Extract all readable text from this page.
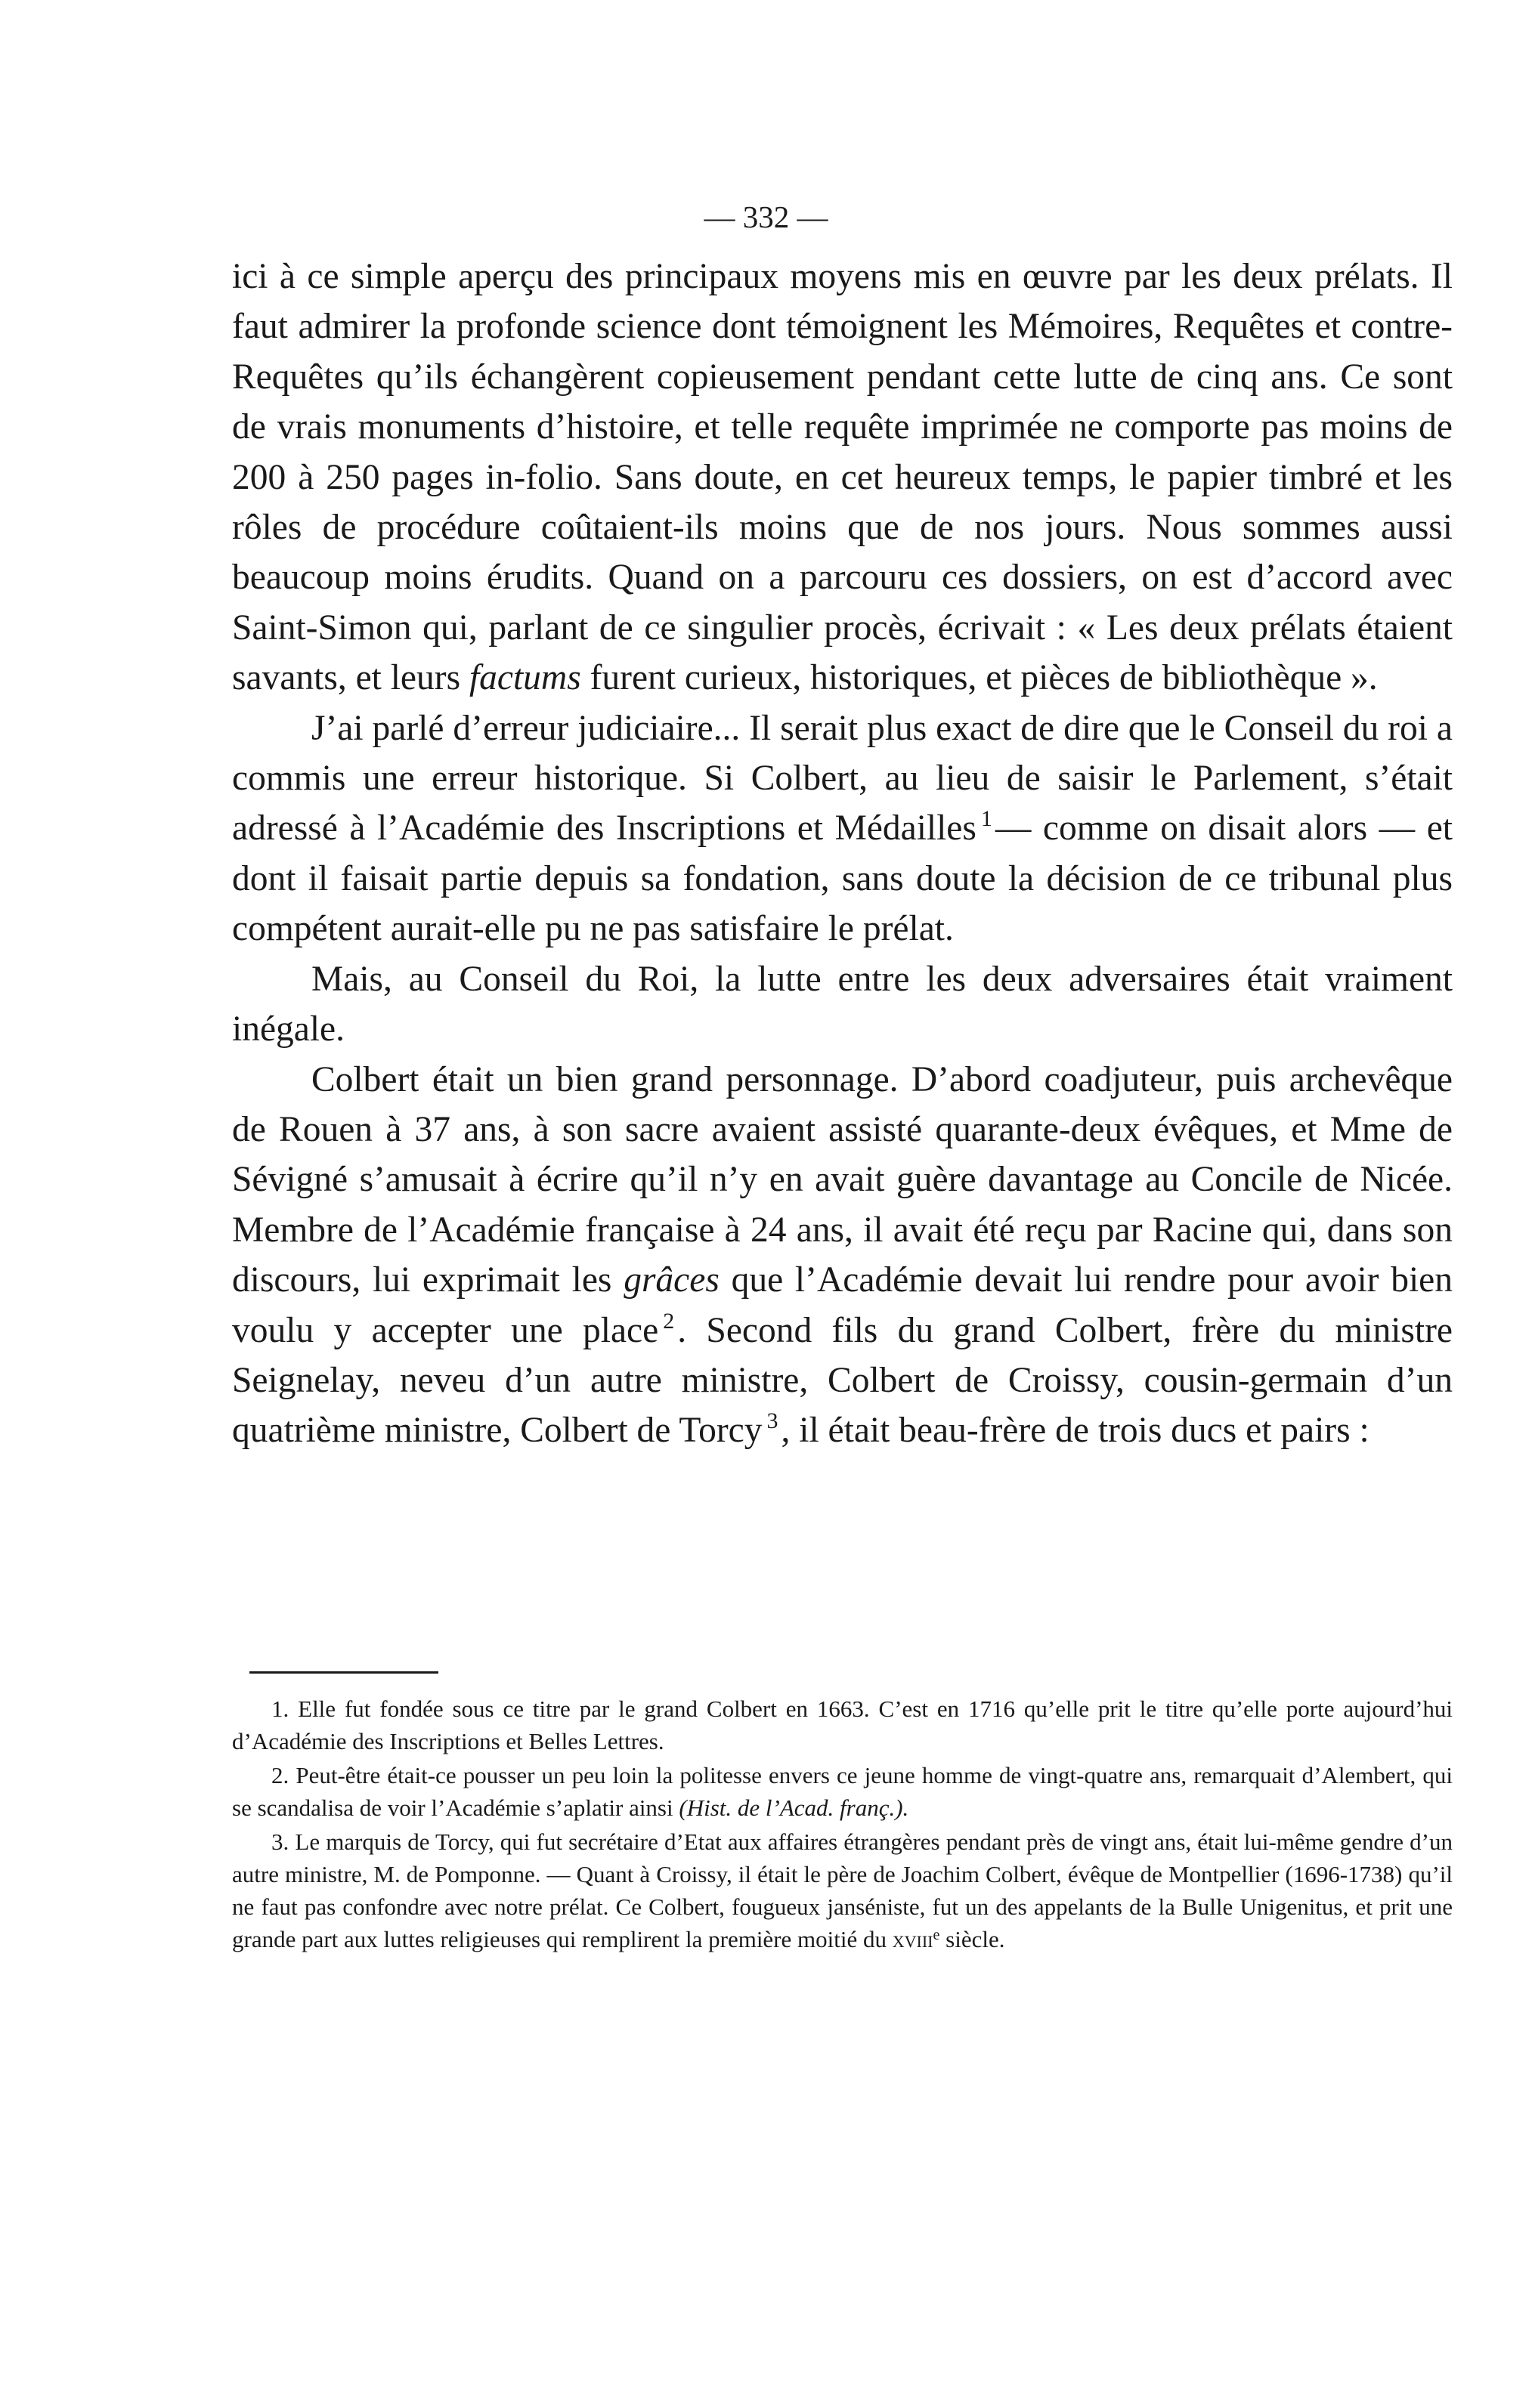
— 332 —

ici à ce simple aperçu des principaux moyens mis en œuvre par les deux prélats. Il faut admirer la profonde science dont témoignent les Mémoires, Requêtes et contre-Requêtes qu’ils échangèrent copieusement pendant cette lutte de cinq ans. Ce sont de vrais monuments d’histoire, et telle requête imprimée ne comporte pas moins de 200 à 250 pages in-folio. Sans doute, en cet heureux temps, le papier timbré et les rôles de procédure coûtaient-ils moins que de nos jours. Nous sommes aussi beaucoup moins érudits. Quand on a parcouru ces dossiers, on est d’accord avec Saint-Simon qui, parlant de ce singulier procès, écrivait : « Les deux prélats étaient savants, et leurs factums furent curieux, historiques, et pièces de bibliothèque ».

J’ai parlé d’erreur judiciaire... Il serait plus exact de dire que le Conseil du roi a commis une erreur historique. Si Colbert, au lieu de saisir le Parlement, s’était adressé à l’Académie des Inscriptions et Médailles $^1$— comme on disait alors — et dont il faisait partie depuis sa fondation, sans doute la décision de ce tribunal plus compétent aurait-elle pu ne pas satisfaire le prélat.

Mais, au Conseil du Roi, la lutte entre les deux adversaires était vraiment inégale.

Colbert était un bien grand personnage. D’abord coadjuteur, puis archevêque de Rouen à 37 ans, à son sacre avaient assisté quarante-deux évêques, et Mme de Sévigné s’amusait à écrire qu’il n’y en avait guère davantage au Concile de Nicée. Membre de l’Académie française à 24 ans, il avait été reçu par Racine qui, dans son discours, lui exprimait les grâces que l’Académie devait lui rendre pour avoir bien voulu y accepter une place $^2$. Second fils du grand Colbert, frère du ministre Seignelay, neveu d’un autre ministre, Colbert de Croissy, cousin-germain d’un quatrième ministre, Colbert de Torcy $^3$, il était beau-frère de trois ducs et pairs :

1. Elle fut fondée sous ce titre par le grand Colbert en 1663. C’est en 1716 qu’elle prit le titre qu’elle porte aujourd’hui d’Académie des Inscriptions et Belles Lettres.

2. Peut-être était-ce pousser un peu loin la politesse envers ce jeune homme de vingt-quatre ans, remarquait d’Alembert, qui se scandalisa de voir l’Académie s’aplatir ainsi (Hist. de l’Acad. franç.).

3. Le marquis de Torcy, qui fut secrétaire d’Etat aux affaires étrangères pendant près de vingt ans, était lui-même gendre d’un autre ministre, M. de Pomponne. — Quant à Croissy, il était le père de Joachim Colbert, évêque de Montpellier (1696-1738) qu’il ne faut pas confondre avec notre prélat. Ce Colbert, fougueux janséniste, fut un des appelants de la Bulle Unigenitus, et prit une grande part aux luttes religieuses qui remplirent la première moitié du xviii$^e$ siècle.
